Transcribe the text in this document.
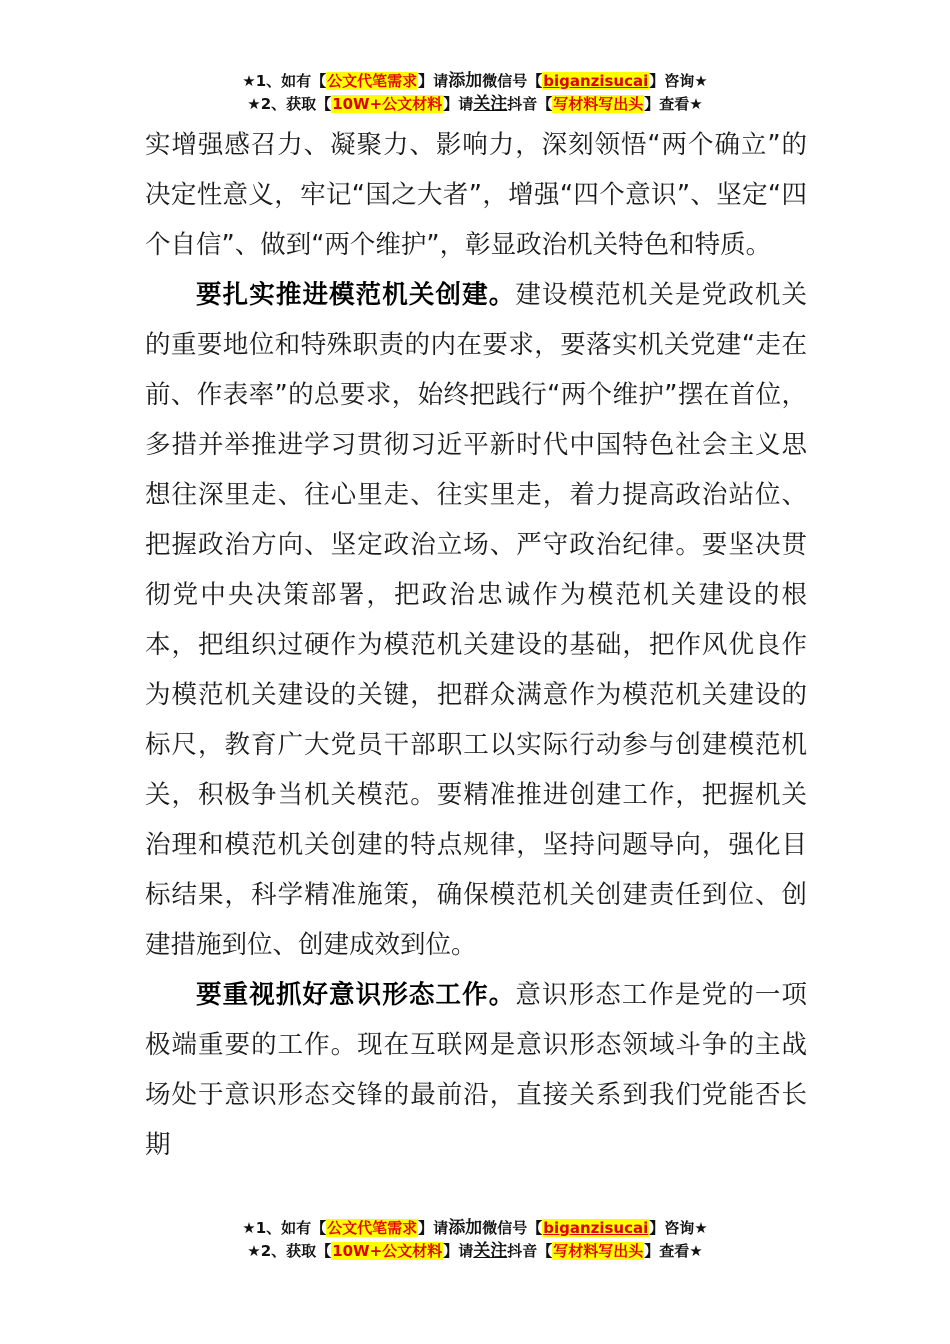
★1、如有【公文代笔需求】请添加微信号【biganzisucai】咨询★
★2、获取【10W+公文材料】请关注抖音【写材料写出头】查看★

实增强感召力、凝聚力、影响力，深刻领悟“两个确立”的决定性意义，牢记“国之大者”，增强“四个意识”、坚定“四个自信”、做到“两个维护”，彰显政治机关特色和特质。

要扎实推进模范机关创建。建设模范机关是党政机关的重要地位和特殊职责的内在要求，要落实机关党建“走在前、作表率”的总要求，始终把践行“两个维护”摆在首位，多措并举推进学习贯彻习近平新时代中国特色社会主义思想往深里走、往心里走、往实里走，着力提高政治站位、把握政治方向、坚定政治立场、严守政治纪律。要坚决贯彻党中央决策部署，把政治忠诚作为模范机关建设的根本，把组织过硬作为模范机关建设的基础，把作风优良作为模范机关建设的关键，把群众满意作为模范机关建设的标尺，教育广大党员干部职工以实际行动参与创建模范机关，积极争当机关模范。要精准推进创建工作，把握机关治理和模范机关创建的特点规律，坚持问题导向，强化目标结果，科学精准施策，确保模范机关创建责任到位、创建措施到位、创建成效到位。

要重视抓好意识形态工作。意识形态工作是党的一项极端重要的工作。现在互联网是意识形态领域斗争的主战场处于意识形态交锋的最前沿，直接关系到我们党能否长期

★1、如有【公文代笔需求】请添加微信号【biganzisucai】咨询★
★2、获取【10W+公文材料】请关注抖音【写材料写出头】查看★
